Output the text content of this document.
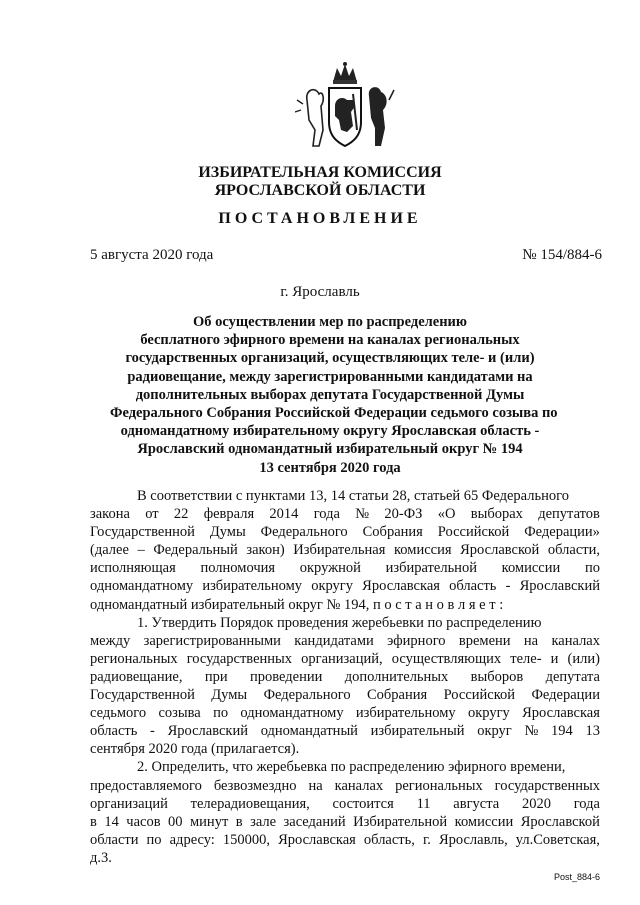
ИЗБИРАТЕЛЬНАЯ КОМИССИЯ
ЯРОСЛАВСКОЙ ОБЛАСТИ
ПОСТАНОВЛЕНИЕ
5 августа 2020 года	№ 154/884-6
г. Ярославль
Об осуществлении мер по распределению
бесплатного эфирного времени на каналах региональных
государственных организаций, осуществляющих теле- и (или)
радиовещание, между зарегистрированными кандидатами на
дополнительных выборах депутата Государственной Думы
Федерального Собрания Российской Федерации седьмого созыва по
одномандатному избирательному округу Ярославская область -
Ярославский одномандатный избирательный округ № 194
13 сентября 2020 года
В соответствии с пунктами 13, 14 статьи 28, статьей 65 Федерального
закона от 22 февраля 2014 года № 20-ФЗ «О выборах депутатов
Государственной Думы Федерального Собрания Российской Федерации»
(далее – Федеральный закон) Избирательная комиссия Ярославской области,
исполняющая полномочия окружной избирательной комиссии по
одномандатному избирательному округу Ярославская область - Ярославский
одномандатный избирательный округ № 194, п о с т а н о в л я е т :
1. Утвердить Порядок проведения жеребьевки по распределению
между зарегистрированными кандидатами эфирного времени на каналах
региональных государственных организаций, осуществляющих теле- и (или)
радиовещание, при проведении дополнительных выборов депутата
Государственной Думы Федерального Собрания Российской Федерации
седьмого созыва по одномандатному избирательному округу Ярославская
область - Ярославский одномандатный избирательный округ № 194 13
сентября 2020 года (прилагается).
2. Определить, что жеребьевка по распределению эфирного времени,
предоставляемого безвозмездно на каналах региональных государственных
организаций телерадиовещания, состоится 11 августа 2020 года
в 14 часов 00 минут в зале заседаний Избирательной комиссии Ярославской
области по адресу: 150000, Ярославская область, г. Ярославль, ул.Советская,
д.3.
Post_884-6
